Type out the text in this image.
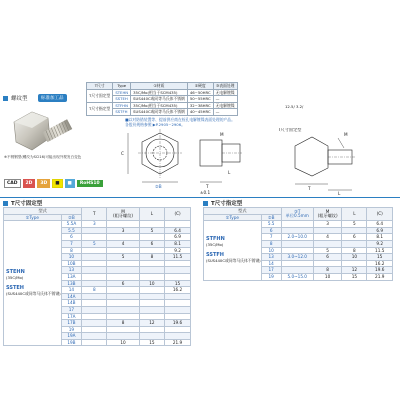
螺纹型	标准加工品
※不锈钢型(螺纹为SCl16)可能出现外观发白变色
CAD	2D	3D	■	■	RoHS10
T尺寸	Type	①材质	②硬度	③表面处理
T尺寸固定型	STEHN	35C/Mo(相当于SCM435)	46~50HRC	无电解镀镍
	SSTEH	SUS440C或同等马氏体不锈钢	50~55HRC	—
T尺寸指定型	STFHN	35C/Mo(相当于SCM435)	32~38HRC	无电解镀镍
	SSTFH	SUS440C或同等马氏体不锈钢	40~45HRC	—
■以对防错装置等、提前供应商在检孔电解镀镍表面处理的产品。
各股份规格参照 ▶P.2905~2906。
C
②B	T
M
L
±0.1
T尺寸固定型
M
L
T
12.5/ 3.2/
T尺寸固定型
型式		T	M
(粗牙螺纹)	L	(C)
①Type	②B				

STEHN
(35C/Mo)
SSTEH
(SUS440C或同等马氏体不锈钢)	5.5A	3			
	5.5		3	5	6.4
	6				6.9
	7	5	4	6	8.1
	8				9.2
	10		5	8	11.5
	10B				
	13				
	13A				
	13B		6	10	15
	14	8			16.2
	14A				
	14B				
	17				
	17A				
	17B		8	12	19.6
	19				
	19A				
	19B		10	15	21.9
T尺寸指定型
型式		③T
单位0.5mm	M
(粗牙螺纹)	L	(C)
①Type	②B				

STFHN
(35C/Mo)
SSTFH
(SUS440C或同等马氏体不锈钢)	5.5		3	5	6.4
	6				6.9
	7	2.0~10.0	4	6	8.1
	8				9.2
	10		5	8	11.5
	13	3.0~12.0	6	10	15
	14				16.2
	17		8	12	19.6
	19	5.0~15.0	10	15	21.9
